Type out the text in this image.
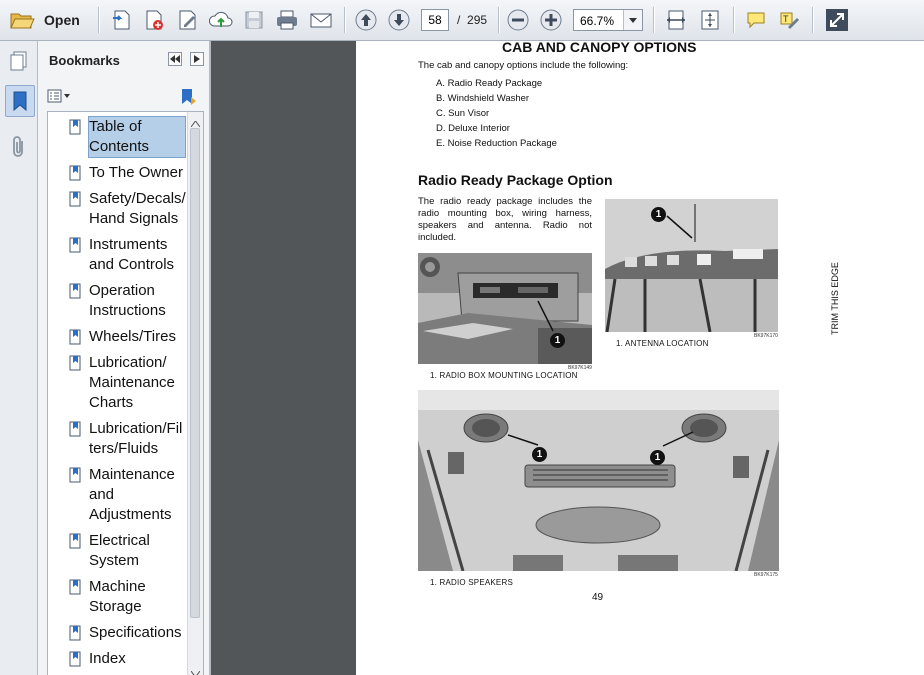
Open	58	/ 295	66.7%	T
Bookmarks
Table of Contents
To The Owner
Safety/Decals/ Hand Signals
Instruments and Controls
Operation Instructions
Wheels/Tires
Lubrication/ Maintenance Charts
Lubrication/Fil ters/Fluids
Maintenance and Adjustments
Electrical System
Machine Storage
Specifications
Index
CAB AND CANOPY OPTIONS
The cab and canopy options include the following:
A. Radio Ready Package
B. Windshield Washer
C. Sun Visor
D. Deluxe Interior
E. Noise Reduction Package
Radio Ready Package Option
The radio ready package includes the radio mounting box, wiring harness, speakers and antenna. Radio not included.
1
BK97K149
1. RADIO BOX MOUNTING LOCATION
1
BK97K170
1. ANTENNA LOCATION
1	1
BK97K175
1. RADIO SPEAKERS
TRIM THIS EDGE
49
